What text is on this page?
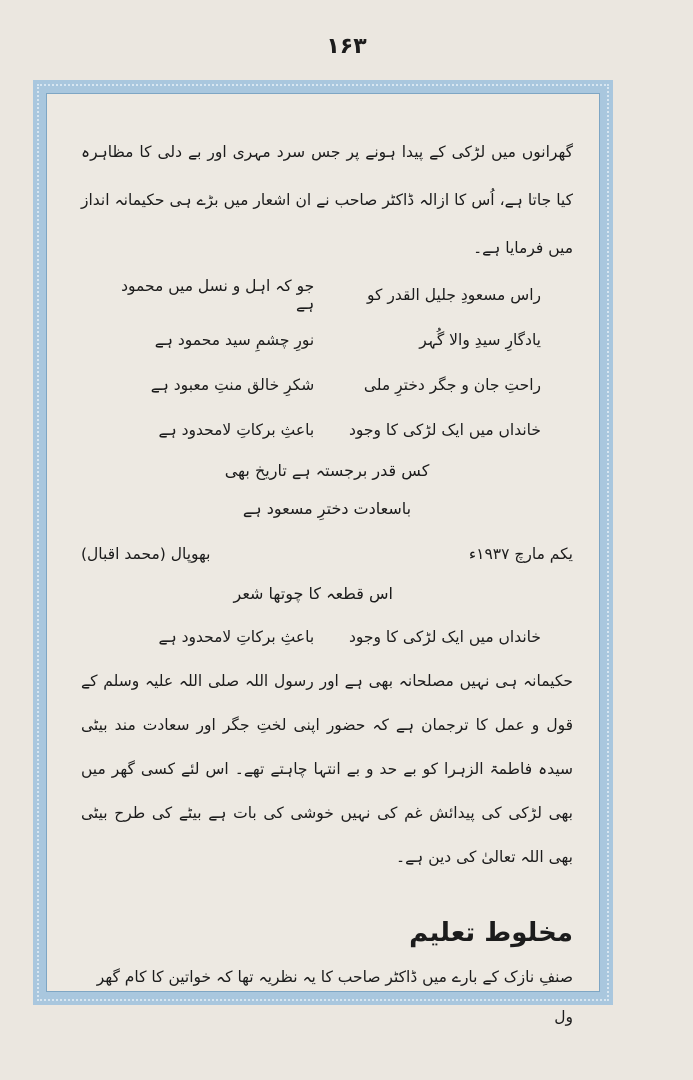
۱۶۳

گھرانوں میں لڑکی کے پیدا ہونے پر جس سرد مہری اور بے دلی کا مظاہرہ کیا جاتا ہے، اُس کا ازالہ ڈاکٹر صاحب نے ان اشعار میں بڑے ہی حکیمانہ انداز میں فرمایا ہے۔

راس مسعودِ جلیل القدر کو
جو کہ اہل و نسل میں محمود ہے
یادگارِ سیدِ والا گُہر
نورِ چشمِ سید محمود ہے
راحتِ جان و جگر دخترِ ملی
شکرِ خالق منتِ معبود ہے
خانداں میں ایک لڑکی کا وجود
باعثِ برکاتِ لامحدود ہے
کس قدر برجستہ ہے تاریخ بھی
باسعادت دخترِ مسعود ہے
یکم مارچ ۱۹۳۷ء
بھوپال (محمد اقبال)
اس قطعہ کا چوتھا شعر
خانداں میں ایک لڑکی کا وجود
باعثِ برکاتِ لامحدود ہے

حکیمانہ ہی نہیں مصلحانہ بھی ہے اور رسول اللہ صلی اللہ علیہ وسلم کے قول و عمل کا ترجمان ہے کہ حضور اپنی لختِ جگر اور سعادت مند بیٹی سیدہ فاطمۃ الزہرا کو بے حد و بے انتہا چاہتے تھے۔ اس لئے کسی گھر میں بھی لڑکی کی پیدائش غم کی نہیں خوشی کی بات ہے بیٹے کی طرح بیٹی بھی اللہ تعالیٰ کی دین ہے۔

مخلوط تعلیم
صنفِ نازک کے بارے میں ڈاکٹر صاحب کا یہ نظریہ تھا کہ خواتین کا کام گھر ول
